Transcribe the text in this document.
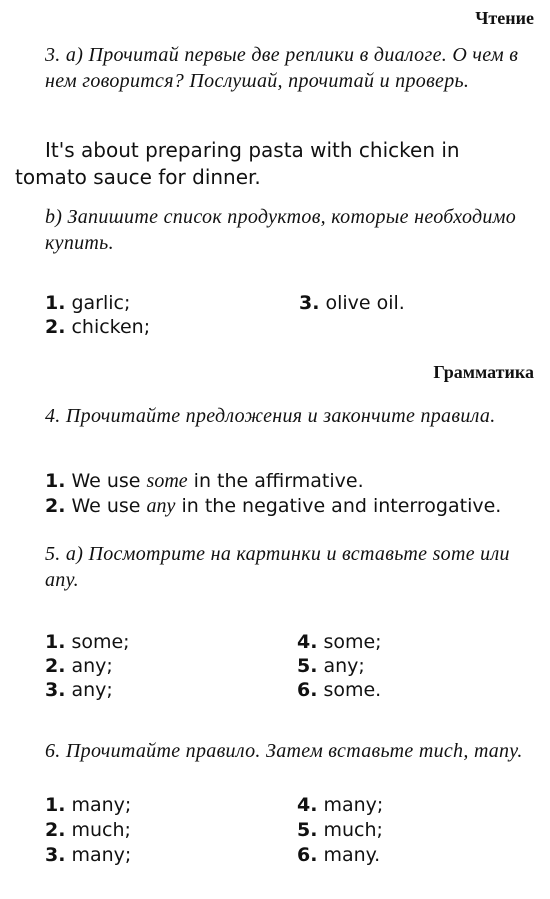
Чтение
3. а) Прочитай первые две реплики в диалоге. О чем в нем говорится? Послушай, прочитай и проверь.
It's about preparing pasta with chicken in tomato sauce for dinner.
b) Запишите список продуктов, которые необходимо купить.
1. garlic;
2. chicken;
3. olive oil.
Грамматика
4. Прочитайте предложения и закончите правила.
1. We use some in the affirmative.
2. We use any in the negative and interrogative.
5. а) Посмотрите на картинки и вставьте some или any.
1. some;
2. any;
3. any;
4. some;
5. any;
6. some.
6. Прочитайте правило. Затем вставьте much, many.
1. many;
2. much;
3. many;
4. many;
5. much;
6. many.
